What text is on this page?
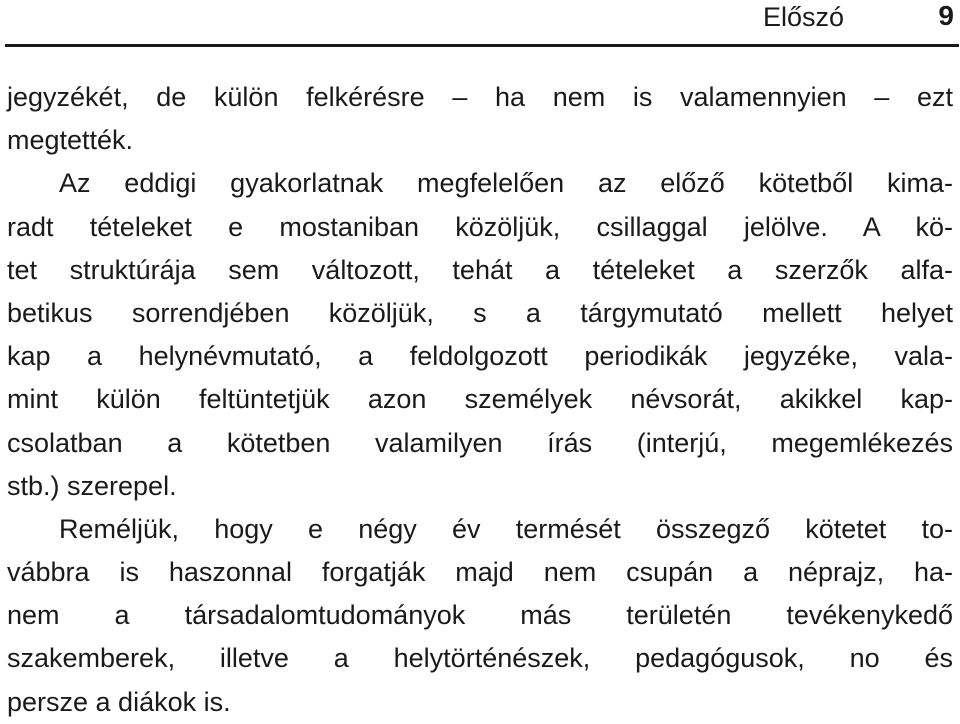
Előszó	9
jegyzékét, de külön felkérésre – ha nem is valamennyien – ezt
megtették.
Az eddigi gyakorlatnak megfelelően az előző kötetből kima-
radt tételeket e mostaniban közöljük, csillaggal jelölve. A kö-
tet struktúrája sem változott, tehát a tételeket a szerzők alfa-
betikus sorrendjében közöljük, s a tárgymutató mellett helyet
kap a helynévmutató, a feldolgozott periodikák jegyzéke, vala-
mint külön feltüntetjük azon személyek névsorát, akikkel kap-
csolatban a kötetben valamilyen írás (interjú, megemlékezés
stb.) szerepel.
Reméljük, hogy e négy év termését összegző kötetet to-
vábbra is haszonnal forgatják majd nem csupán a néprajz, ha-
nem a társadalomtudományok más területén tevékenykedő
szakemberek, illetve a helytörténészek, pedagógusok, no és
persze a diákok is.
